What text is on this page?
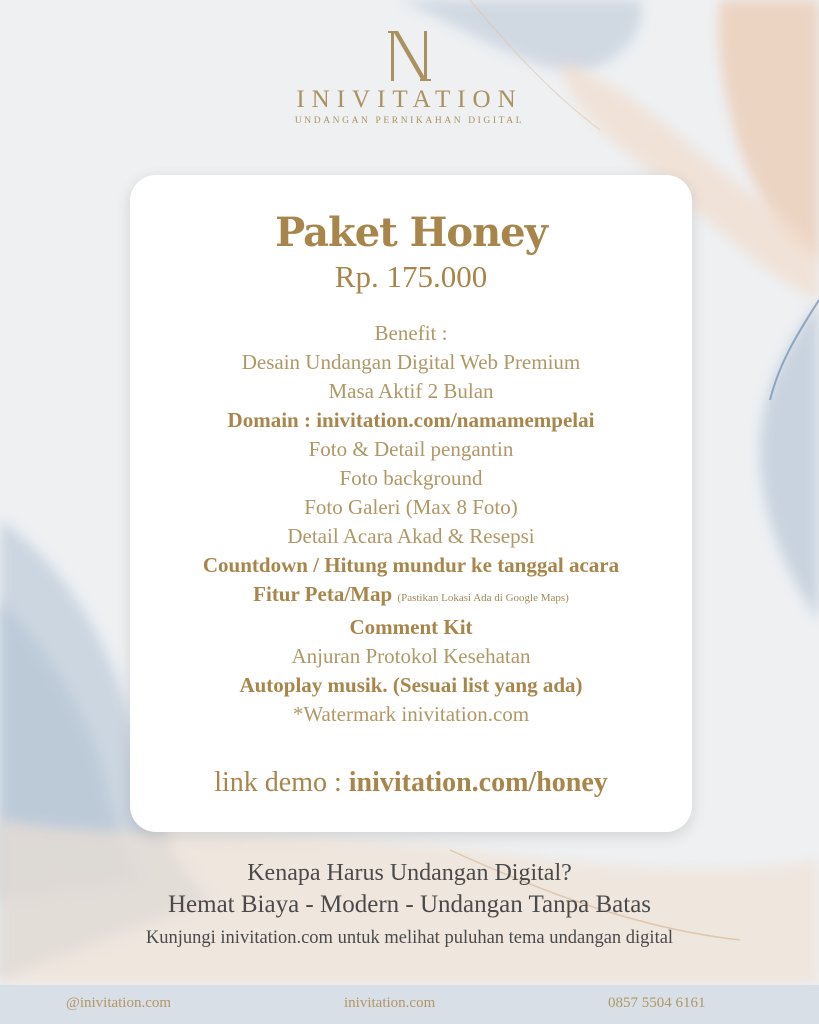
INIVITATION
UNDANGAN PERNIKAHAN DIGITAL
Paket Honey
Rp. 175.000
Benefit :
Desain Undangan Digital Web Premium
Masa Aktif 2 Bulan
Domain : inivitation.com/namamempelai
Foto & Detail pengantin
Foto background
Foto Galeri (Max 8 Foto)
Detail Acara Akad & Resepsi
Countdown / Hitung mundur ke tanggal acara
Fitur Peta/Map (Pastikan Lokasi Ada di Google Maps)
Comment Kit
Anjuran Protokol Kesehatan
Autoplay musik. (Sesuai list yang ada)
*Watermark inivitation.com
link demo : inivitation.com/honey
Kenapa Harus Undangan Digital?
Hemat Biaya - Modern - Undangan Tanpa Batas
Kunjungi inivitation.com untuk melihat puluhan tema undangan digital
@inivitation.com	inivitation.com	0857 5504 6161
